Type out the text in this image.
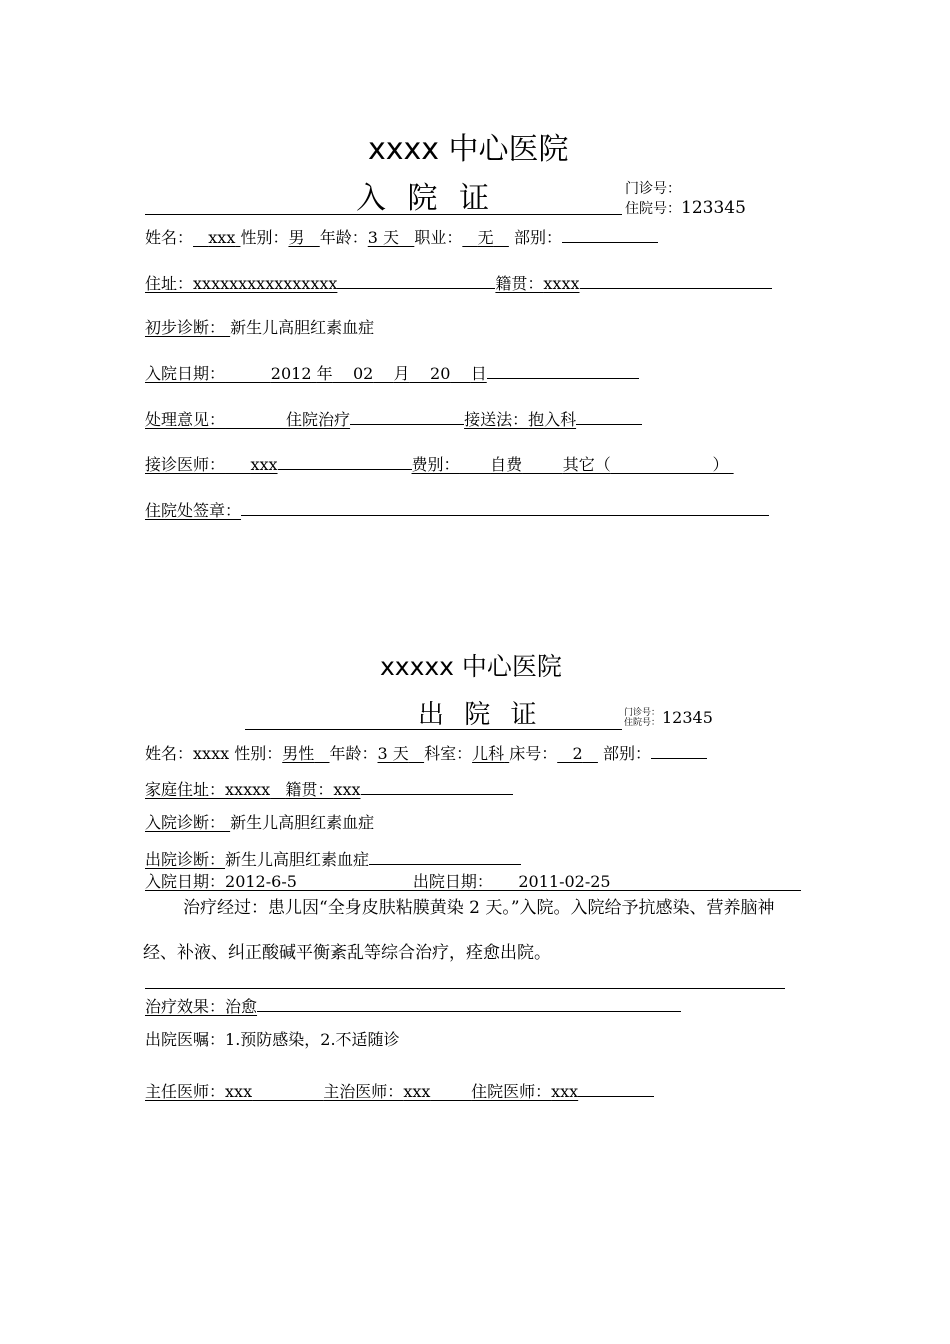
xxxx 中心医院
入 院 证	门诊号：
住院号：123345
姓名： xxx 性别：男 年龄：3 天 职业： 无 部别：
住址：xxxxxxxxxxxxxxxx	籍贯：xxxx
初步诊断： 新生儿高胆红素血症
入院日期：	2012 年 02 月 20 日
处理意见：	住院治疗	接送法：抱入科
接诊医师： xxx	费别： 自费	其它（	）
住院处签章：
xxxxx 中心医院
出 院 证	门诊号：
住院号： 12345
姓名：xxxx 性别：男性 年龄：3 天 科室：儿科 床号： 2 部别：
家庭住址：xxxxx 籍贯：xxx
入院诊断： 新生儿高胆红素血症
出院诊断：新生儿高胆红素血症
入院日期：2012-6-5	出院日期： 2011-02-25
治疗经过：患儿因“全身皮肤粘膜黄染 2 天。”入院。入院给予抗感染、营养脑神经、补液、纠正酸碱平衡紊乱等综合治疗，痊愈出院。
治疗效果：治愈
出院医嘱：1.预防感染，2.不适随诊
主任医师：xxx	主治医师：xxx	住院医师：xxx
